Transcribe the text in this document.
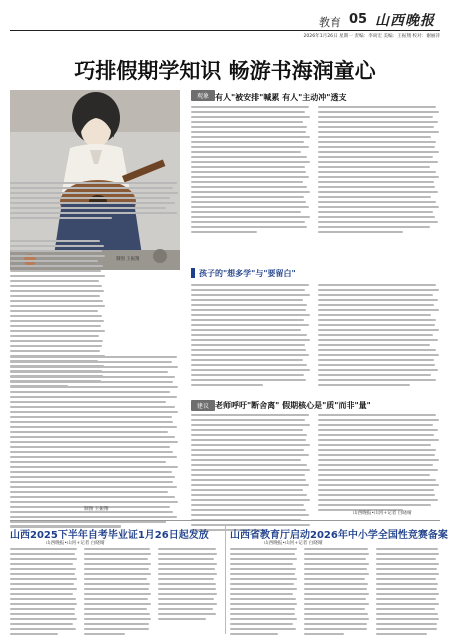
教育 05 山西晚报
2026年1月26日 星期一 责编：李尚宏 美编：王振翔 校对：谢丽萍
巧排假期学知识 畅游书海润童心
制图 王振翔
观象 有人"被安排"喊累 有人"主动冲"透支
孩子的"想多学"与"要留白"
建议 老师呼吁"断舍离" 假期核心是"质"而非"量"
山西晚报•山河+记者 白晓晴
山西2025下半年自考毕业证1月26日起发放
山西晚报•山河+记者 白晓晴
制图 王振翔
山西省教育厅启动2026年中小学全国性竞赛备案
山西晚报•山河+记者 白晓晴
